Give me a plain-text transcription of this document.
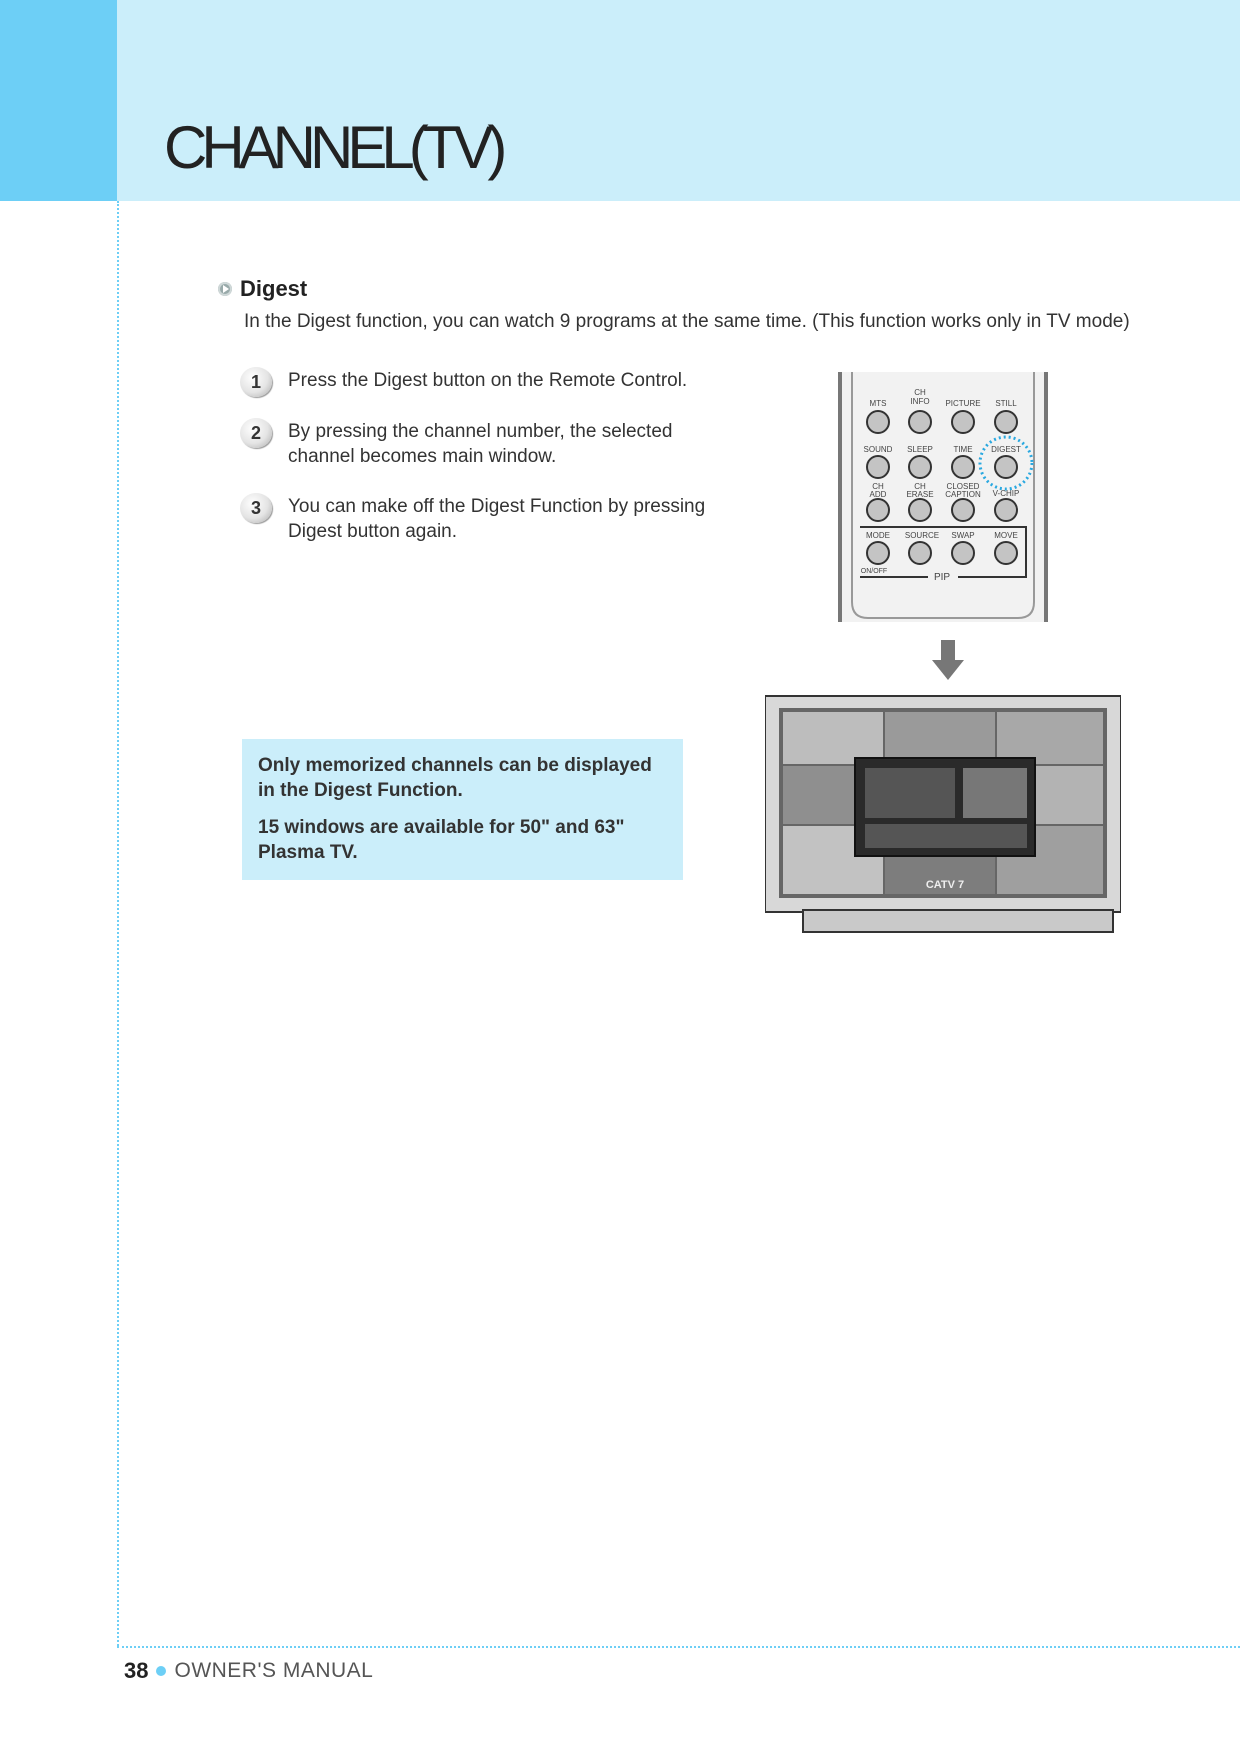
CHANNEL(TV)
Digest
In the Digest function, you can watch 9 programs at the same time. (This function works only in TV mode)
1	Press the Digest button on the Remote Control.
2	By pressing the channel number, the selected channel becomes main window.
3	You can make off the Digest Function by pressing Digest button again.

Only memorized channels can be displayed in the Digest Function.

15 windows are available for 50" and 63" Plasma TV.

MTS
CH
INFO PICTURE STILL
SOUND SLEEP	TIME DIGEST
CH
ADD
CH
ERASE
CLOSED
CAPTION V-CHIP
MODE SOURCE SWAP MOVE
ON/OFF
PIP
CATV 7
38 OWNER'S MANUAL
